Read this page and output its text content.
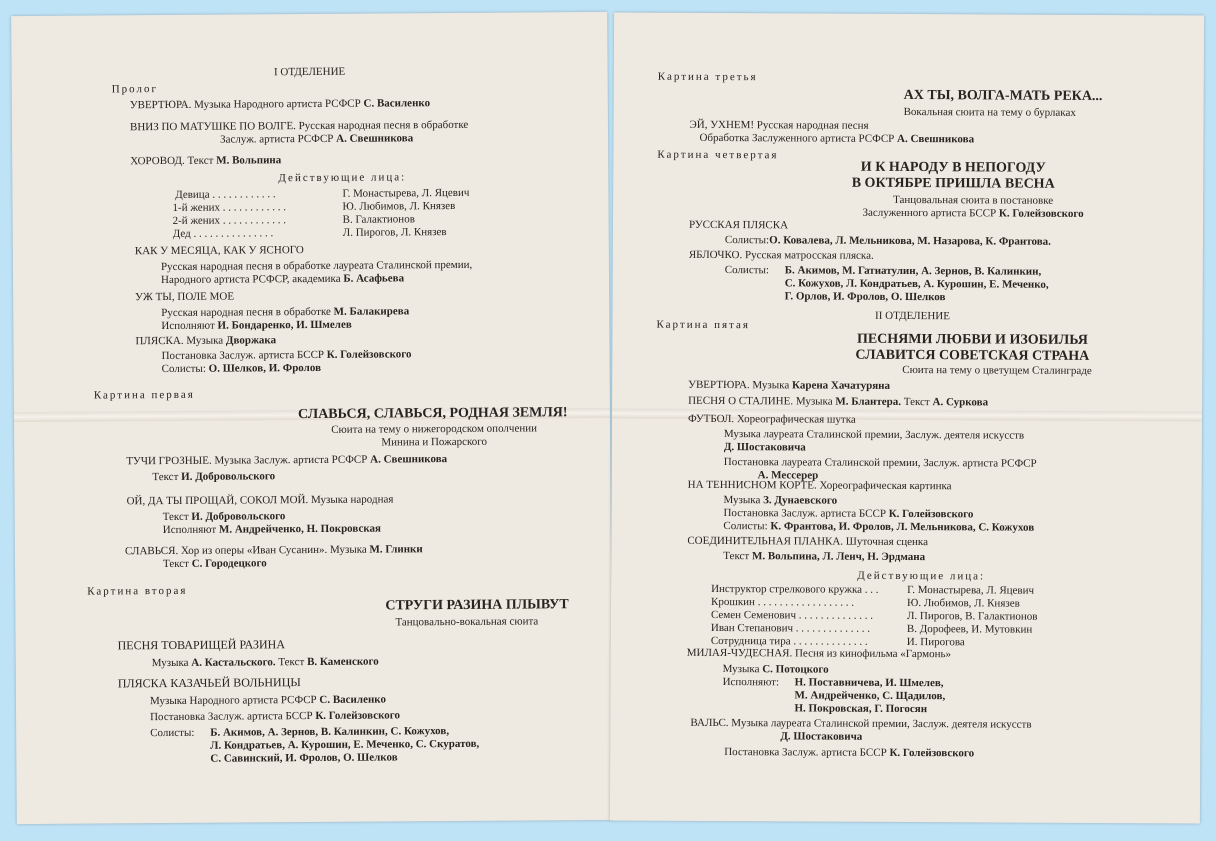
I ОТДЕЛЕНИЕ
Пролог
УВЕРТЮРА. Музыка Народного артиста РСФСР С. Василенко
ВНИЗ ПО МАТУШКЕ ПО ВОЛГЕ. Русская народная песня в обработке
Заслуж. артиста РСФСР А. Свешникова
ХОРОВОД. Текст М. Вольпина
Действующие лица:
Девица . . . . . . . . . . . .	Г. Монастырева, Л. Яцевич
1-й жених . . . . . . . . . . . .	Ю. Любимов, Л. Князев
2-й жених . . . . . . . . . . . .	В. Галактионов
Дед . . . . . . . . . . . . . . .	Л. Пирогов, Л. Князев
КАК У МЕСЯЦА, КАК У ЯСНОГО
Русская народная песня в обработке лауреата Сталинской премии,
Народного артиста РСФСР, академика Б. Асафьева
УЖ ТЫ, ПОЛЕ МОЕ
Русская народная песня в обработке М. Балакирева
Исполняют И. Бондаренко, И. Шмелев
ПЛЯСКА. Музыка Дворжака
Постановка Заслуж. артиста БССР К. Голейзовского
Солисты: О. Шелков, И. Фролов
Картина первая
СЛАВЬСЯ, СЛАВЬСЯ, РОДНАЯ ЗЕМЛЯ!
Сюита на тему о нижегородском ополчении
Минина и Пожарского
ТУЧИ ГРОЗНЫЕ. Музыка Заслуж. артиста РСФСР А. Свешникова
Текст И. Добровольского
ОЙ, ДА ТЫ ПРОЩАЙ, СОКОЛ МОЙ. Музыка народная
Текст И. Добровольского
Исполняют М. Андрейченко, Н. Покровская
СЛАВЬСЯ. Хор из оперы «Иван Сусанин». Музыка М. Глинки
Текст С. Городецкого
Картина вторая
СТРУГИ РАЗИНА ПЛЫВУТ
Танцовально-вокальная сюита
ПЕСНЯ ТОВАРИЩЕЙ РАЗИНА
Музыка А. Кастальского. Текст В. Каменского
ПЛЯСКА КАЗАЧЬЕЙ ВОЛЬНИЦЫ
Музыка Народного артиста РСФСР С. Василенко
Постановка Заслуж. артиста БССР К. Голейзовского
Солисты:	Б. Акимов, А. Зернов, В. Калинкин, С. Кожухов,
Л. Кондратьев, А. Курошин, Е. Меченко, С. Скуратов,
С. Савинский, И. Фролов, О. Шелков
Картина третья
АХ ТЫ, ВОЛГА-МАТЬ РЕКА...
Вокальная сюита на тему о бурлаках
ЭЙ, УХНЕМ! Русская народная песня
Обработка Заслуженного артиста РСФСР А. Свешникова
Картина четвертая
И К НАРОДУ В НЕПОГОДУ
В ОКТЯБРЕ ПРИШЛА ВЕСНА
Танцовальная сюита в постановке
Заслуженного артиста БССР К. Голейзовского
РУССКАЯ ПЛЯСКА
Солисты:О. Ковалева, Л. Мельникова, М. Назарова, К. Франтова.
ЯБЛОЧКО. Русская матросская пляска.
Солисты:	Б. Акимов, М. Гатиатулин, А. Зернов, В. Калинкин,
С. Кожухов, Л. Кондратьев, А. Курошин, Е. Меченко,
Г. Орлов, И. Фролов, О. Шелков
II ОТДЕЛЕНИЕ
Картина пятая
ПЕСНЯМИ ЛЮБВИ И ИЗОБИЛЬЯ
СЛАВИТСЯ СОВЕТСКАЯ СТРАНА
Сюита на тему о цветущем Сталинграде
УВЕРТЮРА. Музыка Карена Хачатуряна
ПЕСНЯ О СТАЛИНЕ. Музыка М. Блантера. Текст А. Суркова
ФУТБОЛ. Хореографическая шутка
Музыка лауреата Сталинской премии, Заслуж. деятеля искусств
Д. Шостаковича
Постановка лауреата Сталинской премии, Заслуж. артиста РСФСР
А. Мессерер
НА ТЕННИСНОМ КОРТЕ. Хореографическая картинка
Музыка З. Дунаевского
Постановка Заслуж. артиста БССР К. Голейзовского
Солисты: К. Франтова, И. Фролов, Л. Мельникова, С. Кожухов
СОЕДИНИТЕЛЬНАЯ ПЛАНКА. Шуточная сценка
Текст М. Вольпина, Л. Ленч, Н. Эрдмана
Действующие лица:
Инструктор стрелкового кружка . . .	Г. Монастырева, Л. Яцевич
Крошкин . . . . . . . . . . . . . . . . . .	Ю. Любимов, Л. Князев
Семен Семенович . . . . . . . . . . . . . .	Л. Пирогов, В. Галактионов
Иван Степанович . . . . . . . . . . . . . .	В. Дорофеев, И. Мутовкин
Сотрудница тира . . . . . . . . . . . . . .	И. Пирогова
МИЛАЯ-ЧУДЕСНАЯ. Песня из кинофильма «Гармонь»
Музыка С. Потоцкого
Исполняют:	Н. Поставничева, И. Шмелев,
М. Андрейченко, С. Щадилов,
Н. Покровская, Г. Погосян
ВАЛЬС. Музыка лауреата Сталинской премии, Заслуж. деятеля искусств
Д. Шостаковича
Постановка Заслуж. артиста БССР К. Голейзовского
